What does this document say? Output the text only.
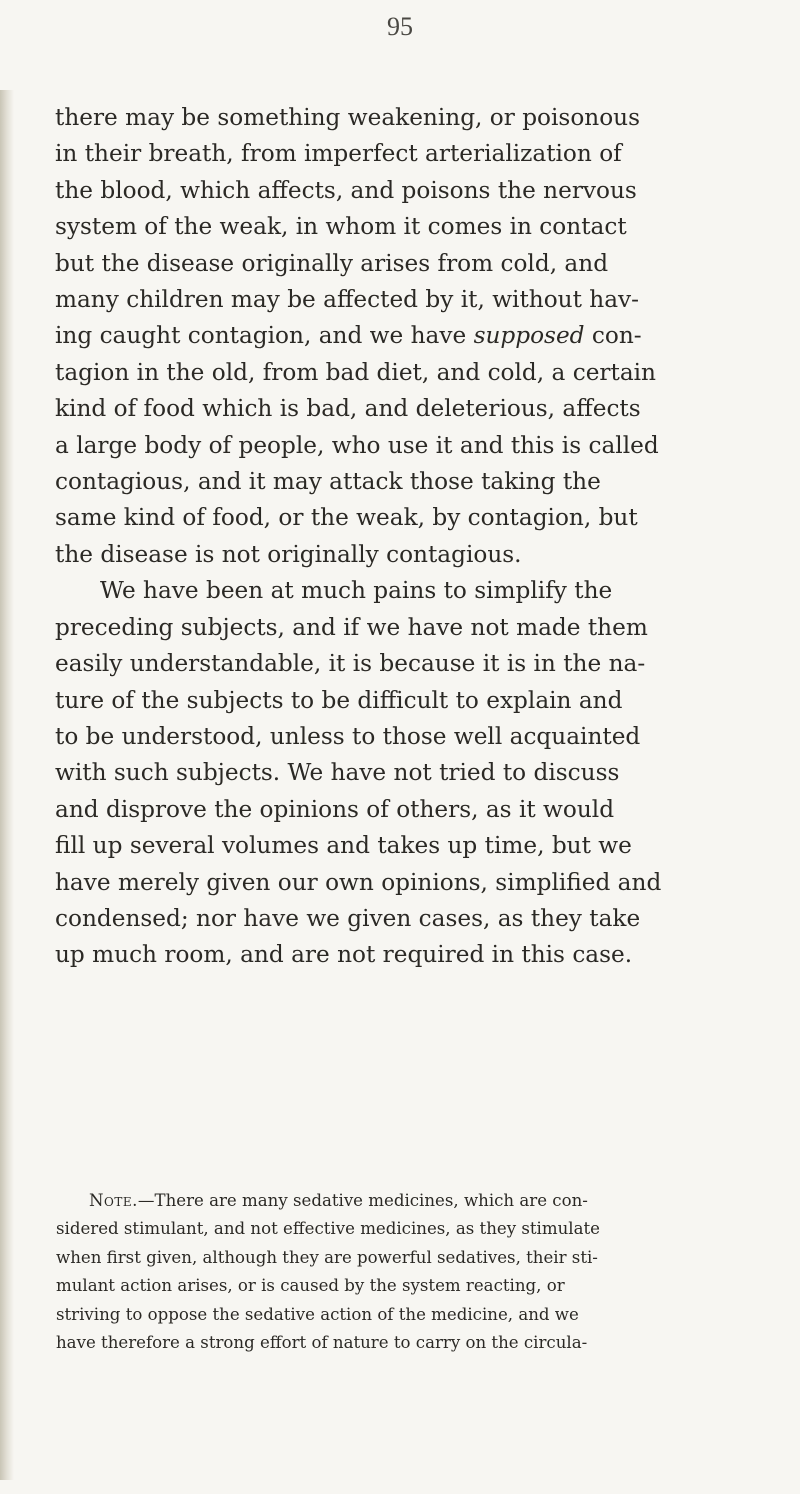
95
there may be something weakening, or poisonous
in their breath, from imperfect arterialization of
the blood, which affects, and poisons the nervous
system of the weak, in whom it comes in contact
but the disease originally arises from cold, and
many children may be affected by it, without hav-
ing caught contagion, and we have supposed con-
tagion in the old, from bad diet, and cold, a certain
kind of food which is bad, and deleterious, affects
a large body of people, who use it and this is called
contagious, and it may attack those taking the
same kind of food, or the weak, by contagion, but
the disease is not originally contagious.
We have been at much pains to simplify the
preceding subjects, and if we have not made them
easily understandable, it is because it is in the na-
ture of the subjects to be difficult to explain and
to be understood, unless to those well acquainted
with such subjects. We have not tried to discuss
and disprove the opinions of others, as it would
fill up several volumes and takes up time, but we
have merely given our own opinions, simplified and
condensed; nor have we given cases, as they take
up much room, and are not required in this case.
Note.—There are many sedative medicines, which are con-
sidered stimulant, and not effective medicines, as they stimulate
when first given, although they are powerful sedatives, their sti-
mulant action arises, or is caused by the system reacting, or
striving to oppose the sedative action of the medicine, and we
have therefore a strong effort of nature to carry on the circula-
